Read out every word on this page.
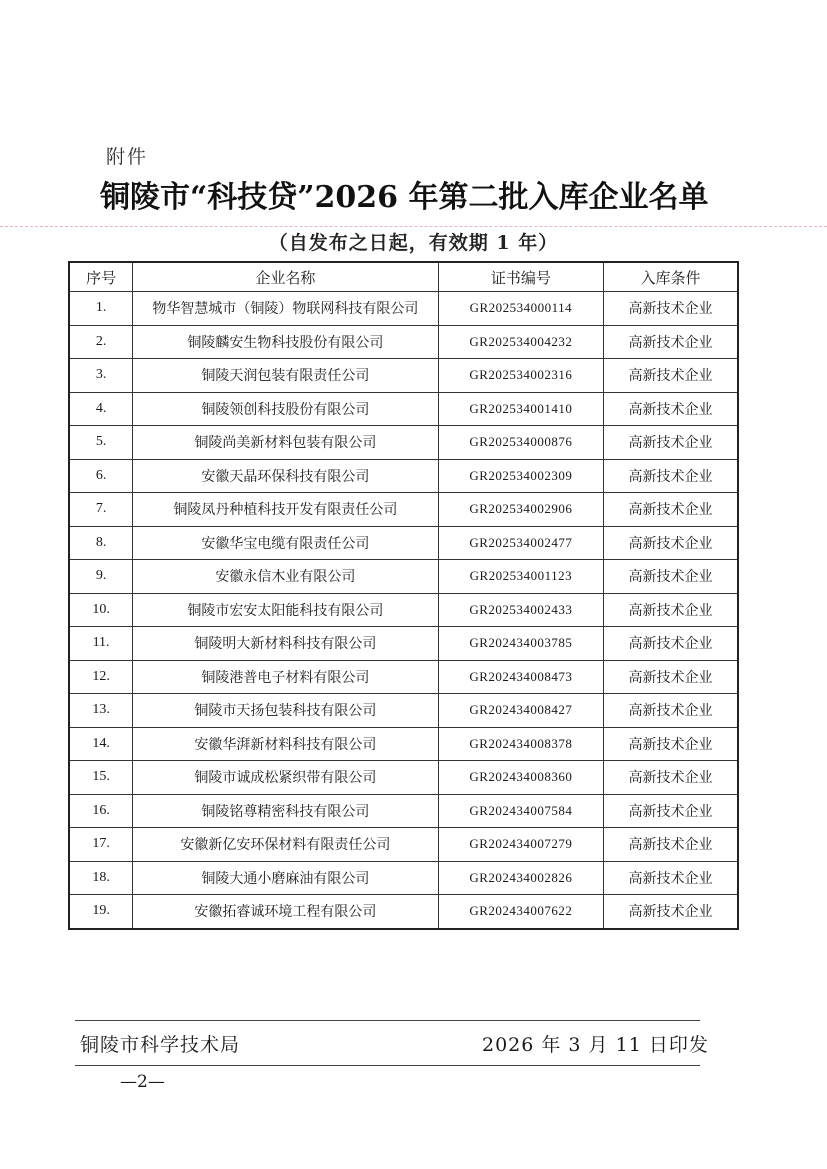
附件
铜陵市“科技贷”2026 年第二批入库企业名单
（自发布之日起，有效期 1 年）
序号	企业名称	证书编号	入库条件
1.	物华智慧城市（铜陵）物联网科技有限公司	GR202534000114	高新技术企业
2.	铜陵麟安生物科技股份有限公司	GR202534004232	高新技术企业
3.	铜陵天润包装有限责任公司	GR202534002316	高新技术企业
4.	铜陵领创科技股份有限公司	GR202534001410	高新技术企业
5.	铜陵尚美新材料包装有限公司	GR202534000876	高新技术企业
6.	安徽天晶环保科技有限公司	GR202534002309	高新技术企业
7.	铜陵凤丹种植科技开发有限责任公司	GR202534002906	高新技术企业
8.	安徽华宝电缆有限责任公司	GR202534002477	高新技术企业
9.	安徽永信木业有限公司	GR202534001123	高新技术企业
10.	铜陵市宏安太阳能科技有限公司	GR202534002433	高新技术企业
11.	铜陵明大新材料科技有限公司	GR202434003785	高新技术企业
12.	铜陵港普电子材料有限公司	GR202434008473	高新技术企业
13.	铜陵市天扬包装科技有限公司	GR202434008427	高新技术企业
14.	安徽华湃新材料科技有限公司	GR202434008378	高新技术企业
15.	铜陵市诚成松紧织带有限公司	GR202434008360	高新技术企业
16.	铜陵铭尊精密科技有限公司	GR202434007584	高新技术企业
17.	安徽新亿安环保材料有限责任公司	GR202434007279	高新技术企业
18.	铜陵大通小磨麻油有限公司	GR202434002826	高新技术企业
19.	安徽拓睿诚环境工程有限公司	GR202434007622	高新技术企业
铜陵市科学技术局	2026 年 3 月 11 日印发
—2—
